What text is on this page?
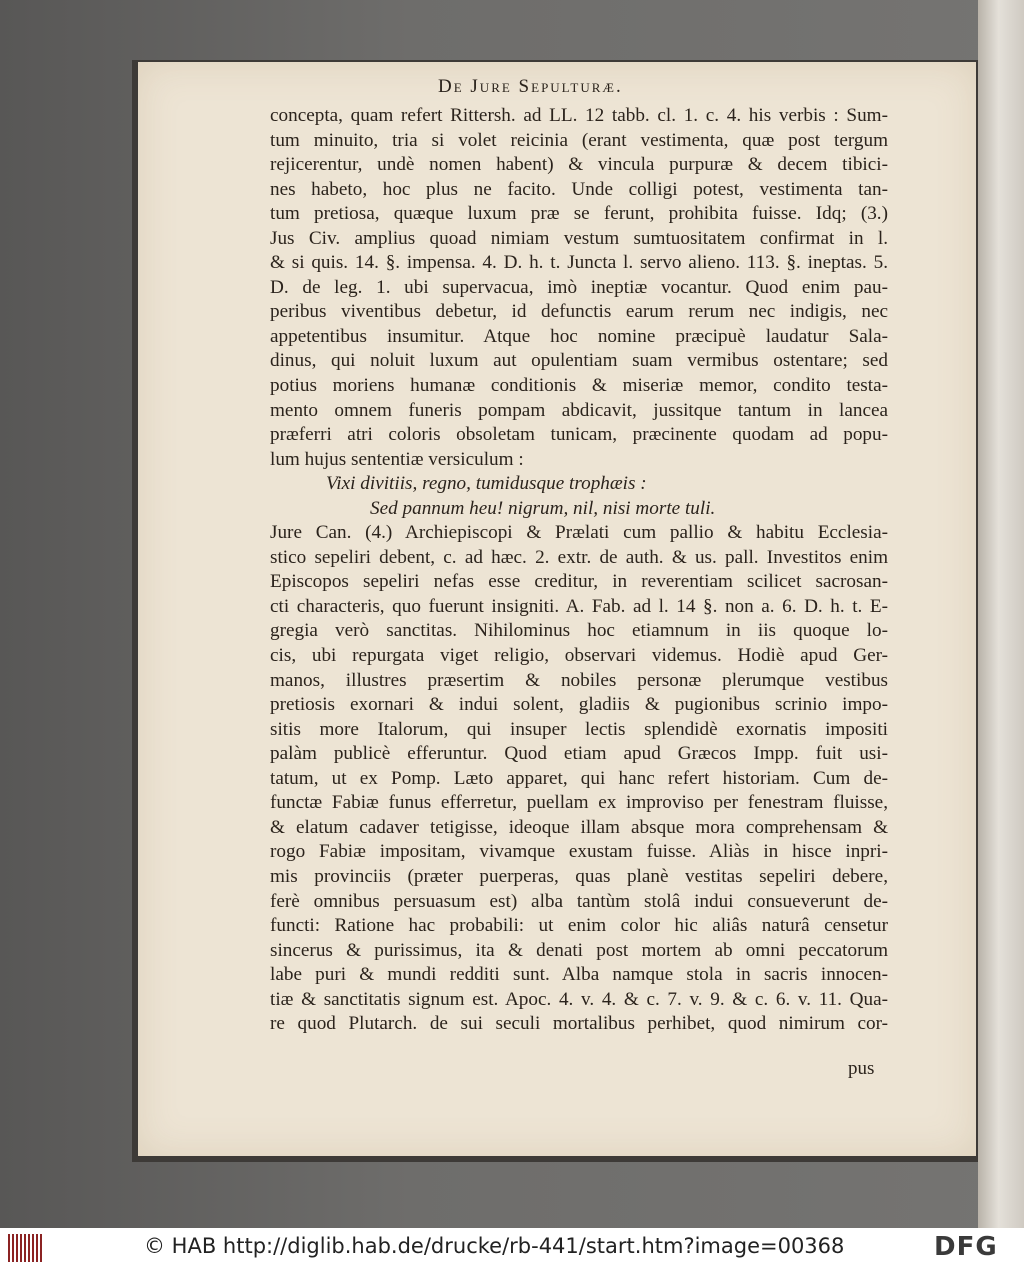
De Jure Sepulturæ.
concepta, quam refert Rittersh. ad LL. 12 tabb. cl. 1. c. 4. his verbis : Sum-
tum minuito, tria si volet reicinia (erant vestimenta, quæ post tergum
rejicerentur, undè nomen habent) & vincula purpuræ & decem tibici-
nes habeto, hoc plus ne facito. Unde colligi potest, vestimenta tan-
tum pretiosa, quæque luxum præ se ferunt, prohibita fuisse. Idq; (3.)
Jus Civ. amplius quoad nimiam vestum sumtuositatem confirmat in l.
& si quis. 14. §. impensa. 4. D. h. t. Juncta l. servo alieno. 113. §. ineptas. 5.
D. de leg. 1. ubi supervacua, imò ineptiæ vocantur. Quod enim pau-
peribus viventibus debetur, id defunctis earum rerum nec indigis, nec
appetentibus insumitur. Atque hoc nomine præcipuè laudatur Sala-
dinus, qui noluit luxum aut opulentiam suam vermibus ostentare; sed
potius moriens humanæ conditionis & miseriæ memor, condito testa-
mento omnem funeris pompam abdicavit, jussitque tantum in lancea
præferri atri coloris obsoletam tunicam, præcinente quodam ad popu-
lum hujus sententiæ versiculum :
Vixi divitiis, regno, tumidusque trophæis :
Sed pannum heu! nigrum, nil, nisi morte tuli.
Jure Can. (4.) Archiepiscopi & Prælati cum pallio & habitu Ecclesia-
stico sepeliri debent, c. ad hæc. 2. extr. de auth. & us. pall. Investitos enim
Episcopos sepeliri nefas esse creditur, in reverentiam scilicet sacrosan-
cti characteris, quo fuerunt insigniti. A. Fab. ad l. 14 §. non a. 6. D. h. t. E-
gregia verò sanctitas. Nihilominus hoc etiamnum in iis quoque lo-
cis, ubi repurgata viget religio, observari videmus. Hodiè apud Ger-
manos, illustres præsertim & nobiles personæ plerumque vestibus
pretiosis exornari & indui solent, gladiis & pugionibus scrinio impo-
sitis more Italorum, qui insuper lectis splendidè exornatis impositi
palàm publicè efferuntur. Quod etiam apud Græcos Impp. fuit usi-
tatum, ut ex Pomp. Læto apparet, qui hanc refert historiam. Cum de-
functæ Fabiæ funus efferretur, puellam ex improviso per fenestram fluisse,
& elatum cadaver tetigisse, ideoque illam absque mora comprehensam &
rogo Fabiæ impositam, vivamque exustam fuisse. Aliàs in hisce inpri-
mis provinciis (præter puerperas, quas planè vestitas sepeliri debere,
ferè omnibus persuasum est) alba tantùm stolâ indui consueverunt de-
functi: Ratione hac probabili: ut enim color hic aliâs naturâ censetur
sincerus & purissimus, ita & denati post mortem ab omni peccatorum
labe puri & mundi redditi sunt. Alba namque stola in sacris innocen-
tiæ & sanctitatis signum est. Apoc. 4. v. 4. & c. 7. v. 9. & c. 6. v. 11. Qua-
re quod Plutarch. de sui seculi mortalibus perhibet, quod nimirum cor-
pus
© HAB http://diglib.hab.de/drucke/rb-441/start.htm?image=00368	DFG
